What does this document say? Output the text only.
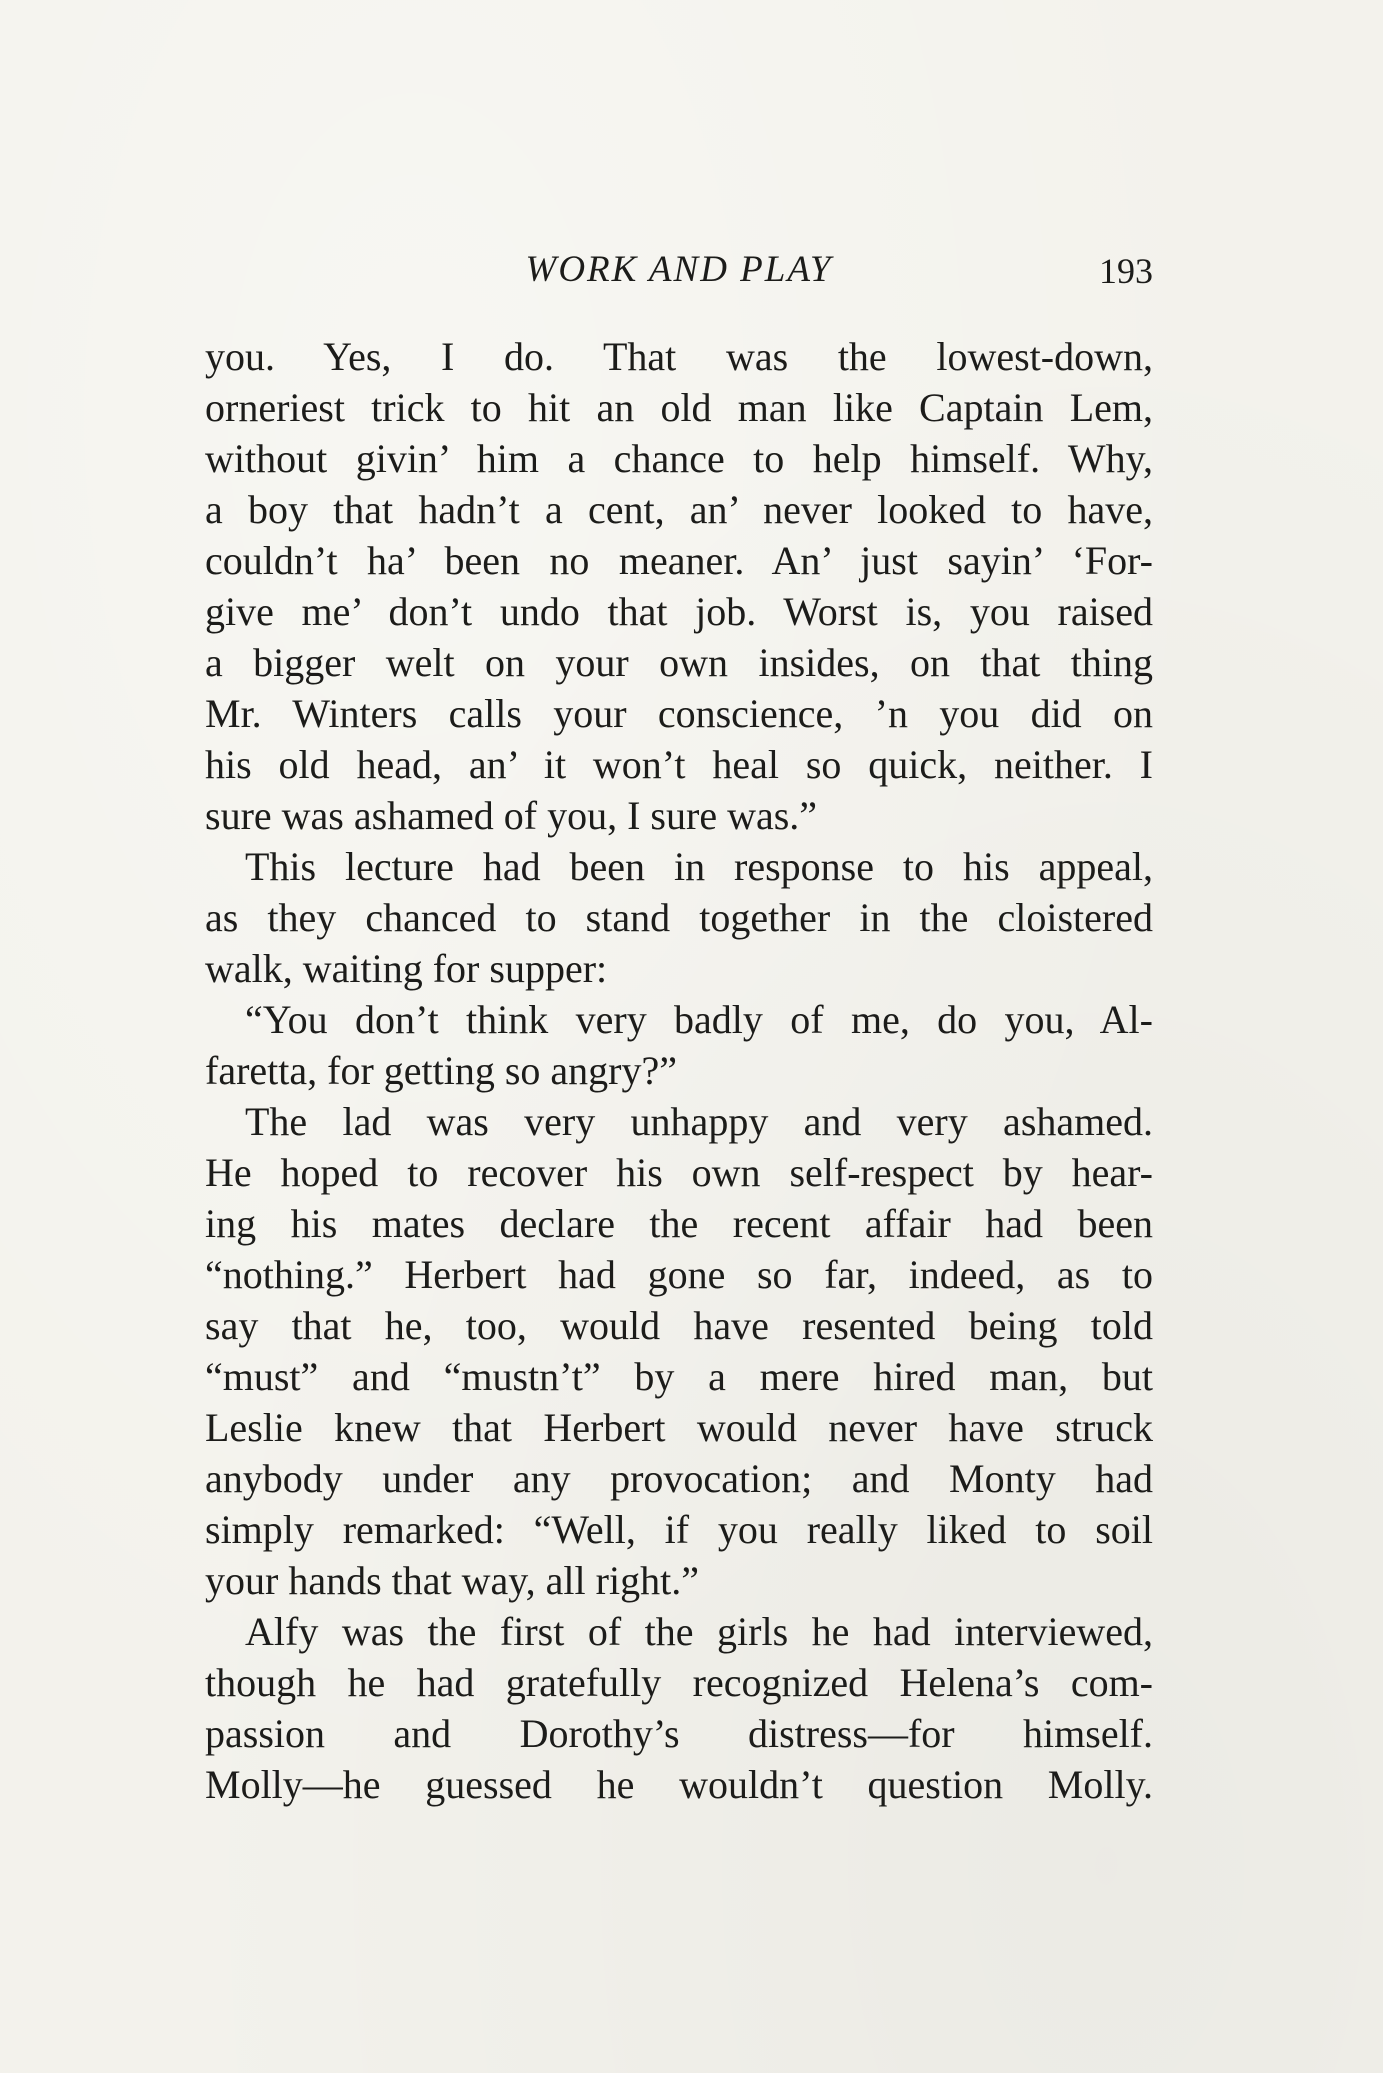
WORK AND PLAY	193
you. Yes, I do. That was the lowest-down,
orneriest trick to hit an old man like Captain Lem,
without givin’ him a chance to help himself. Why,
a boy that hadn’t a cent, an’ never looked to have,
couldn’t ha’ been no meaner. An’ just sayin’ ‘For-
give me’ don’t undo that job. Worst is, you raised
a bigger welt on your own insides, on that thing
Mr. Winters calls your conscience, ’n you did on
his old head, an’ it won’t heal so quick, neither. I
sure was ashamed of you, I sure was.”
This lecture had been in response to his appeal,
as they chanced to stand together in the cloistered
walk, waiting for supper:
“You don’t think very badly of me, do you, Al-
faretta, for getting so angry?”
The lad was very unhappy and very ashamed.
He hoped to recover his own self-respect by hear-
ing his mates declare the recent affair had been
“nothing.” Herbert had gone so far, indeed, as to
say that he, too, would have resented being told
“must” and “mustn’t” by a mere hired man, but
Leslie knew that Herbert would never have struck
anybody under any provocation; and Monty had
simply remarked: “Well, if you really liked to soil
your hands that way, all right.”
Alfy was the first of the girls he had interviewed,
though he had gratefully recognized Helena’s com-
passion and Dorothy’s distress—for himself.
Molly—he guessed he wouldn’t question Molly.
